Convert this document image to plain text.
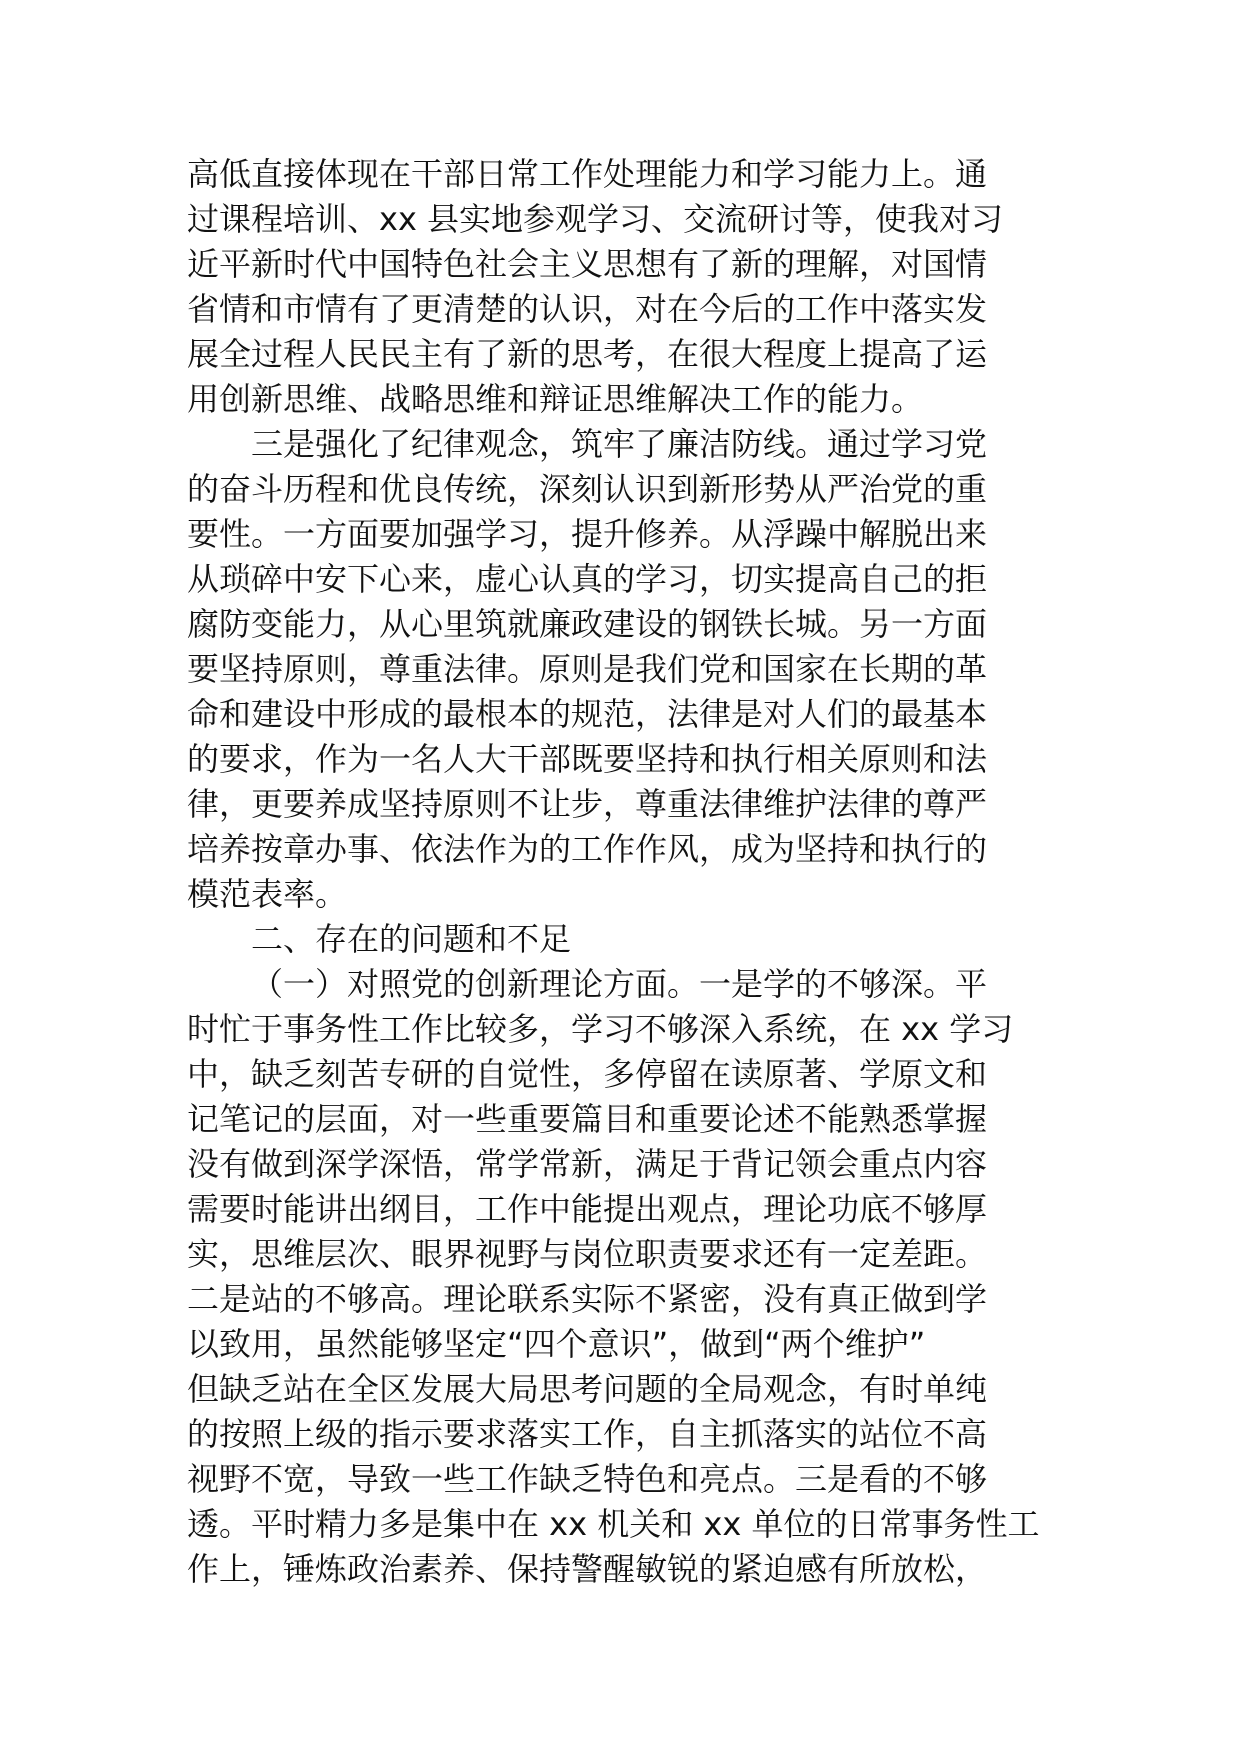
高低直接体现在干部日常工作处理能力和学习能力上。通
过课程培训、xx 县实地参观学习、交流研讨等，使我对习
近平新时代中国特色社会主义思想有了新的理解，对国情
省情和市情有了更清楚的认识，对在今后的工作中落实发
展全过程人民民主有了新的思考，在很大程度上提高了运
用创新思维、战略思维和辩证思维解决工作的能力。
三是强化了纪律观念，筑牢了廉洁防线。通过学习党
的奋斗历程和优良传统，深刻认识到新形势从严治党的重
要性。一方面要加强学习，提升修养。从浮躁中解脱出来
从琐碎中安下心来，虚心认真的学习，切实提高自己的拒
腐防变能力，从心里筑就廉政建设的钢铁长城。另一方面
要坚持原则，尊重法律。原则是我们党和国家在长期的革
命和建设中形成的最根本的规范，法律是对人们的最基本
的要求，作为一名人大干部既要坚持和执行相关原则和法
律，更要养成坚持原则不让步，尊重法律维护法律的尊严
培养按章办事、依法作为的工作作风，成为坚持和执行的
模范表率。
二、存在的问题和不足
（一）对照党的创新理论方面。一是学的不够深。平
时忙于事务性工作比较多，学习不够深入系统，在 xx 学习
中，缺乏刻苦专研的自觉性，多停留在读原著、学原文和
记笔记的层面，对一些重要篇目和重要论述不能熟悉掌握
没有做到深学深悟，常学常新，满足于背记领会重点内容
需要时能讲出纲目，工作中能提出观点，理论功底不够厚
实，思维层次、眼界视野与岗位职责要求还有一定差距。
二是站的不够高。理论联系实际不紧密，没有真正做到学
以致用，虽然能够坚定“四个意识”，做到“两个维护”
但缺乏站在全区发展大局思考问题的全局观念，有时单纯
的按照上级的指示要求落实工作，自主抓落实的站位不高
视野不宽，导致一些工作缺乏特色和亮点。三是看的不够
透。平时精力多是集中在 xx 机关和 xx 单位的日常事务性工
作上，锤炼政治素养、保持警醒敏锐的紧迫感有所放松，
